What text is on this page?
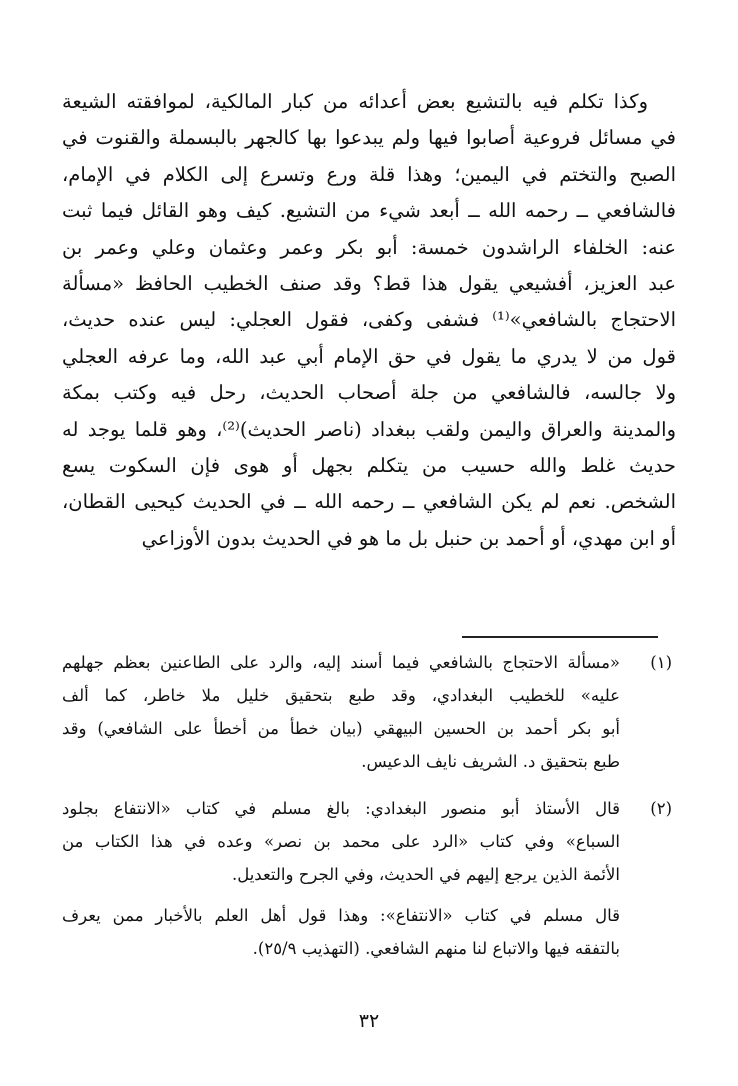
وكذا تكلم فيه بالتشيع بعض أعدائه من كبار المالكية، لموافقته الشيعة
في مسائل فروعية أصابوا فيها ولم يبدعوا بها كالجهر بالبسملة والقنوت في
الصبح والتختم في اليمين؛ وهذا قلة ورع وتسرع إلى الكلام في الإمام،
فالشافعي ــ رحمه الله ــ أبعد شيء من التشيع. كيف وهو القائل فيما ثبت
عنه: الخلفاء الراشدون خمسة: أبو بكر وعمر وعثمان وعلي وعمر بن
عبد العزيز، أفشيعي يقول هذا قط؟ وقد صنف الخطيب الحافظ «مسألة
الاحتجاج بالشافعي»⁽¹⁾ فشفى وكفى، فقول العجلي: ليس عنده حديث،
قول من لا يدري ما يقول في حق الإمام أبي عبد الله، وما عرفه العجلي
ولا جالسه، فالشافعي من جلة أصحاب الحديث، رحل فيه وكتب بمكة
والمدينة والعراق واليمن ولقب ببغداد (ناصر الحديث)⁽²⁾، وهو قلما يوجد له
حديث غلط والله حسيب من يتكلم بجهل أو هوى فإن السكوت يسع
الشخص. نعم لم يكن الشافعي ــ رحمه الله ــ في الحديث كيحيى القطان،
أو ابن مهدي، أو أحمد بن حنبل بل ما هو في الحديث بدون الأوزاعي
(١)
«مسألة الاحتجاج بالشافعي فيما أسند إليه، والرد على الطاعنين بعظم جهلهم
عليه» للخطيب البغدادي، وقد طبع بتحقيق خليل ملا خاطر، كما ألف
أبو بكر أحمد بن الحسين البيهقي (بيان خطأ من أخطأ على الشافعي) وقد
طبع بتحقيق د. الشريف نايف الدعيس.
(٢)
قال الأستاذ أبو منصور البغدادي: بالغ مسلم في كتاب «الانتفاع بجلود
السباع» وفي كتاب «الرد على محمد بن نصر» وعده في هذا الكتاب من
الأئمة الذين يرجع إليهم في الحديث، وفي الجرح والتعديل.
قال مسلم في كتاب «الانتفاع»: وهذا قول أهل العلم بالأخبار ممن يعرف
بالتفقه فيها والاتباع لنا منهم الشافعي. (التهذيب ٢٥/٩).
٣٢
